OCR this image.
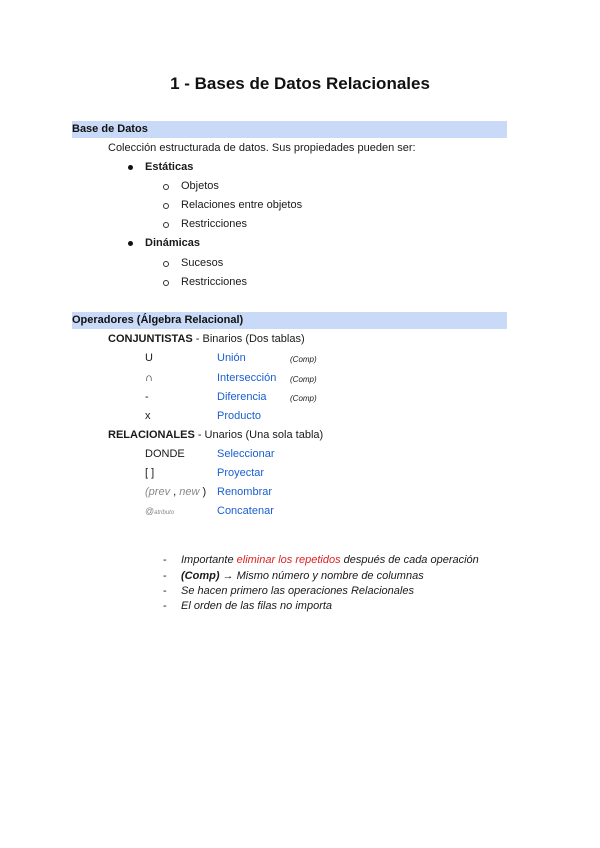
1 - Bases de Datos Relacionales
Base de Datos
Colección estructurada de datos. Sus propiedades pueden ser:
Estáticas
Objetos
Relaciones entre objetos
Restricciones
Dinámicas
Sucesos
Restricciones
Operadores (Álgebra Relacional)
CONJUNTISTAS - Binarios (Dos tablas)
U	Unión	(Comp)
∩	Intersección (Comp)
-	Diferencia	(Comp)
x	Producto
RELACIONALES - Unarios (Una sola tabla)
DONDE	Seleccionar
[ ]	Proyectar
(prev , new ) Renombrar
@atributo	Concatenar
- Importante eliminar los repetidos después de cada operación
- (Comp) → Mismo número y nombre de columnas
- Se hacen primero las operaciones Relacionales
- El orden de las filas no importa
